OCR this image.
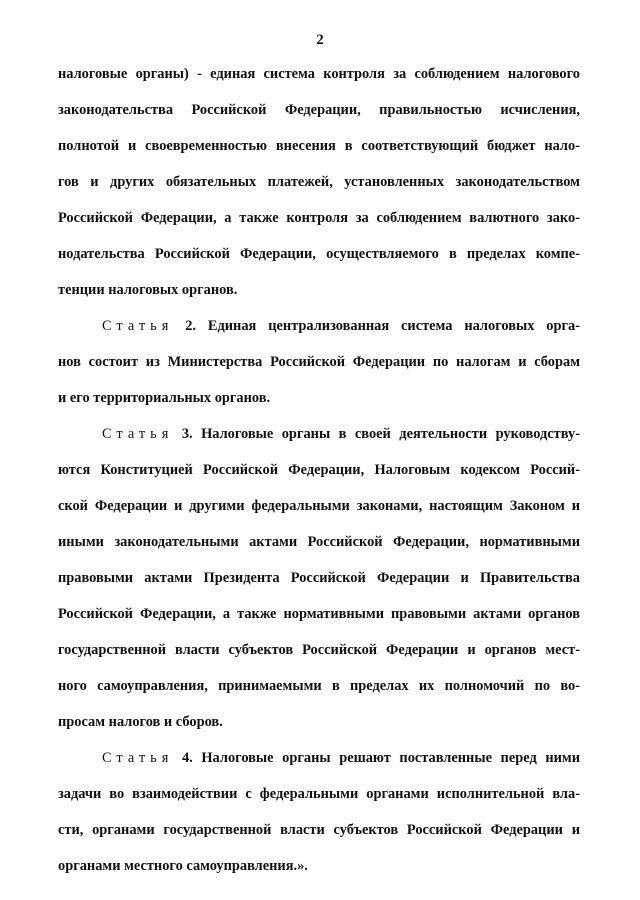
2
налоговые органы) - единая система контроля за соблюдением налогового
законодательства Российской Федерации, правильностью исчисления,
полнотой и своевременностью внесения в соответствующий бюджет нало-
гов и других обязательных платежей, установленных законодательством
Российской Федерации, а также контроля за соблюдением валютного зако-
нодательства Российской Федерации, осуществляемого в пределах компе-
тенции налоговых органов.
Статья 2. Единая централизованная система налоговых орга-
нов состоит из Министерства Российской Федерации по налогам и сборам
и его территориальных органов.
Статья 3. Налоговые органы в своей деятельности руководству-
ются Конституцией Российской Федерации, Налоговым кодексом Россий-
ской Федерации и другими федеральными законами, настоящим Законом и
иными законодательными актами Российской Федерации, нормативными
правовыми актами Президента Российской Федерации и Правительства
Российской Федерации, а также нормативными правовыми актами органов
государственной власти субъектов Российской Федерации и органов мест-
ного самоуправления, принимаемыми в пределах их полномочий по во-
просам налогов и сборов.
Статья 4. Налоговые органы решают поставленные перед ними
задачи во взаимодействии с федеральными органами исполнительной вла-
сти, органами государственной власти субъектов Российской Федерации и
органами местного самоуправления.».
